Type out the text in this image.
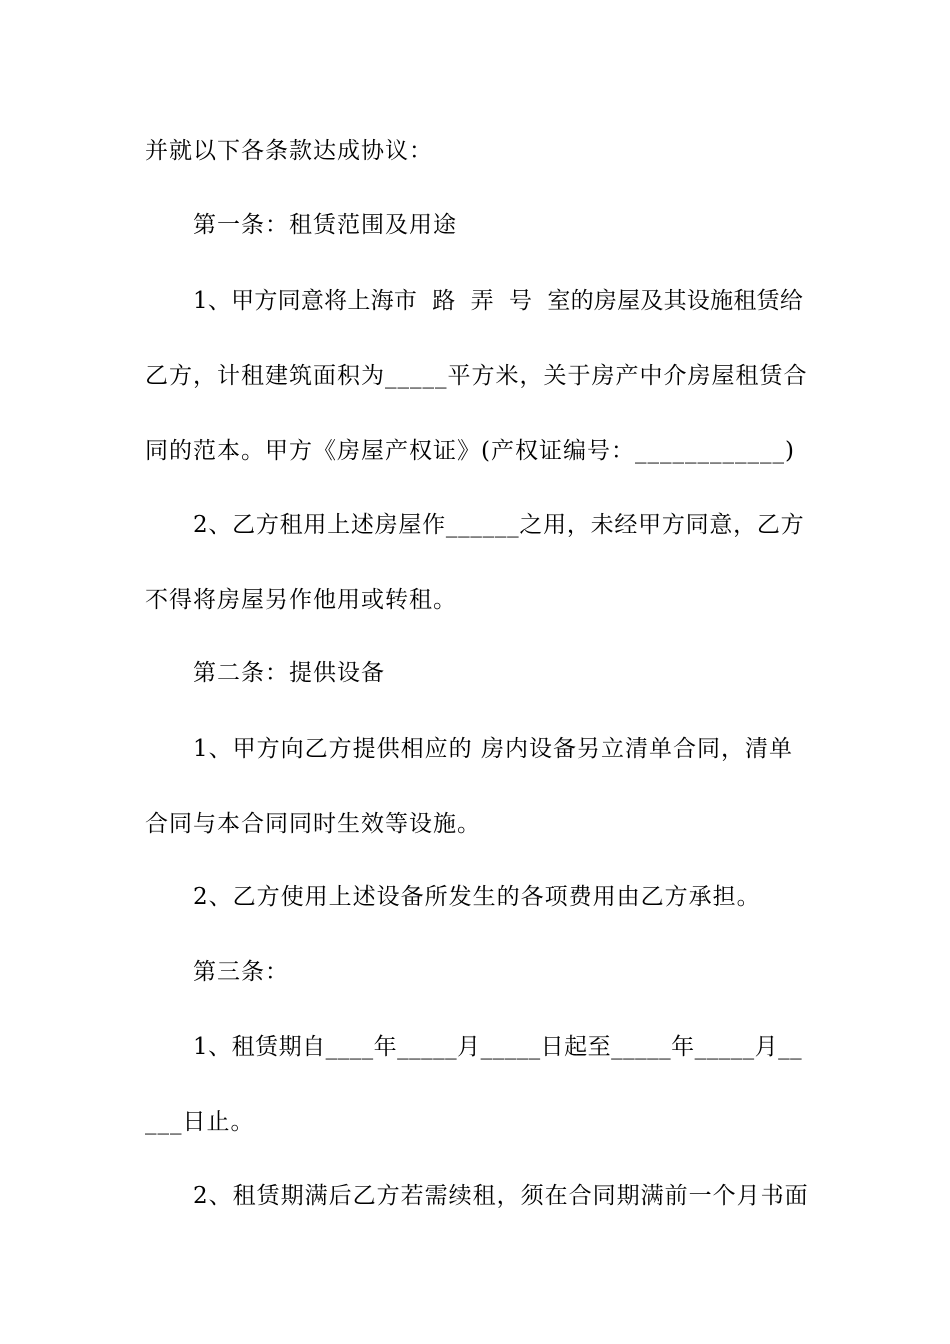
并就以下各条款达成协议：
第一条：租赁范围及用途
1、甲方同意将上海市  路  弄  号  室的房屋及其设施租赁给
乙方，计租建筑面积为_____平方米，关于房产中介房屋租赁合
同的范本。甲方《房屋产权证》(产权证编号：____________)
2、乙方租用上述房屋作______之用，未经甲方同意，乙方
不得将房屋另作他用或转租。
第二条：提供设备
1、甲方向乙方提供相应的 房内设备另立清单合同，清单
合同与本合同同时生效等设施。
2、乙方使用上述设备所发生的各项费用由乙方承担。
第三条：
1、租赁期自____年_____月_____日起至_____年_____月__
___日止。
2、租赁期满后乙方若需续租，须在合同期满前一个月书面
